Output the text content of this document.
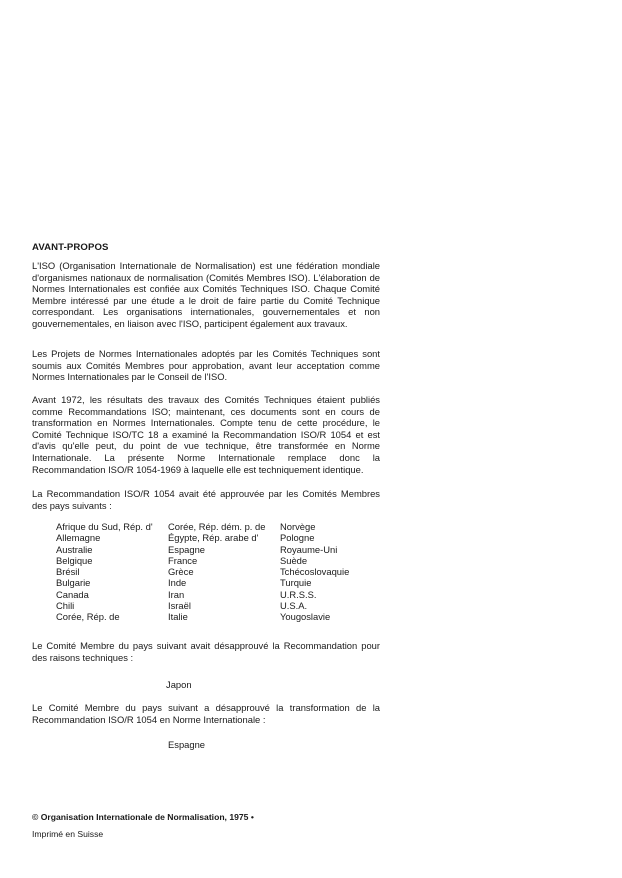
AVANT-PROPOS

L'ISO (Organisation Internationale de Normalisation) est une fédération mondiale d'organismes nationaux de normalisation (Comités Membres ISO). L'élaboration de Normes Internationales est confiée aux Comités Techniques ISO. Chaque Comité Membre intéressé par une étude a le droit de faire partie du Comité Technique correspondant. Les organisations internationales, gouvernementales et non gouvernementales, en liaison avec l'ISO, participent également aux travaux.

Les Projets de Normes Internationales adoptés par les Comités Techniques sont soumis aux Comités Membres pour approbation, avant leur acceptation comme Normes Internationales par le Conseil de l'ISO.

Avant 1972, les résultats des travaux des Comités Techniques étaient publiés comme Recommandations ISO; maintenant, ces documents sont en cours de transformation en Normes Internationales. Compte tenu de cette procédure, le Comité Technique ISO/TC 18 a examiné la Recommandation ISO/R 1054 et est d'avis qu'elle peut, du point de vue technique, être transformée en Norme Internationale. La présente Norme Internationale remplace donc la Recommandation ISO/R 1054-1969 à laquelle elle est techniquement identique.

La Recommandation ISO/R 1054 avait été approuvée par les Comités Membres des pays suivants :

Afrique du Sud, Rép. d'
Allemagne
Australie
Belgique
Brésil
Bulgarie
Canada
Chili
Corée, Rép. de
Corée, Rép. dém. p. de
Égypte, Rép. arabe d'
Espagne
France
Grèce
Inde
Iran
Israël
Italie
Norvège
Pologne
Royaume-Uni
Suède
Tchécoslovaquie
Turquie
U.R.S.S.
U.S.A.
Yougoslavie

Le Comité Membre du pays suivant avait désapprouvé la Recommandation pour des raisons techniques :

Japon

Le Comité Membre du pays suivant a désapprouvé la transformation de la Recommandation ISO/R 1054 en Norme Internationale :

Espagne
© Organisation Internationale de Normalisation, 1975 •
Imprimé en Suisse
